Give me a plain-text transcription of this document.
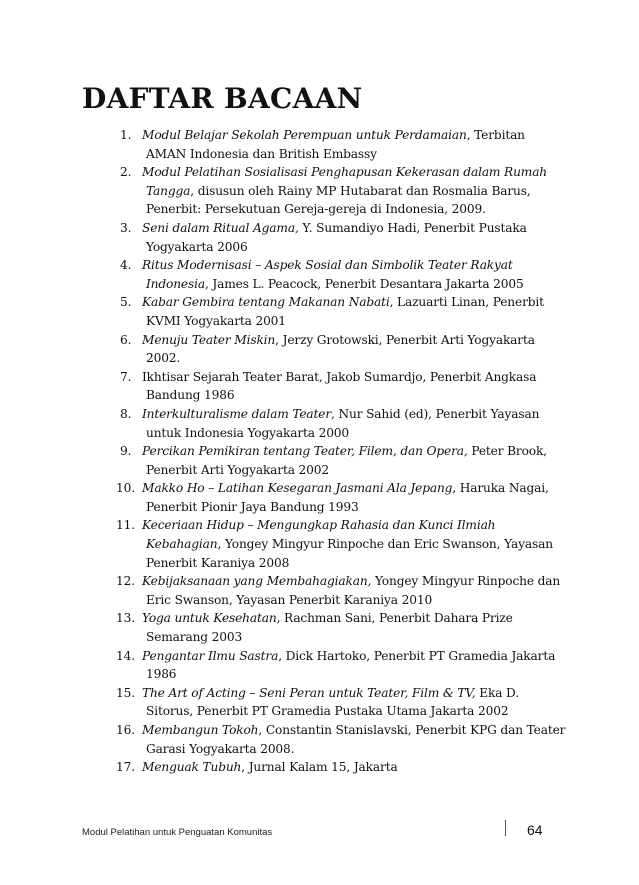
DAFTAR BACAAN
1. Modul Belajar Sekolah Perempuan untuk Perdamaian, Terbitan AMAN Indonesia dan British Embassy
2. Modul Pelatihan Sosialisasi Penghapusan Kekerasan dalam Rumah Tangga, disusun oleh Rainy MP Hutabarat dan Rosmalia Barus, Penerbit: Persekutuan Gereja-gereja di Indonesia, 2009.
3. Seni dalam Ritual Agama, Y. Sumandiyo Hadi, Penerbit Pustaka Yogyakarta 2006
4. Ritus Modernisasi – Aspek Sosial dan Simbolik Teater Rakyat Indonesia, James L. Peacock, Penerbit Desantara Jakarta 2005
5. Kabar Gembira tentang Makanan Nabati, Lazuarti Linan, Penerbit KVMI Yogyakarta 2001
6. Menuju Teater Miskin, Jerzy Grotowski, Penerbit Arti Yogyakarta 2002.
7. Ikhtisar Sejarah Teater Barat, Jakob Sumardjo, Penerbit Angkasa Bandung 1986
8. Interkulturalisme dalam Teater, Nur Sahid (ed), Penerbit Yayasan untuk Indonesia Yogyakarta 2000
9. Percikan Pemikiran tentang Teater, Filem, dan Opera, Peter Brook, Penerbit Arti Yogyakarta 2002
10. Makko Ho – Latihan Kesegaran Jasmani Ala Jepang, Haruka Nagai, Penerbit Pionir Jaya Bandung 1993
11. Keceriaan Hidup – Mengungkap Rahasia dan Kunci Ilmiah Kebahagian, Yongey Mingyur Rinpoche dan Eric Swanson, Yayasan Penerbit Karaniya 2008
12. Kebijaksanaan yang Membahagiakan, Yongey Mingyur Rinpoche dan Eric Swanson, Yayasan Penerbit Karaniya 2010
13. Yoga untuk Kesehatan, Rachman Sani, Penerbit Dahara Prize Semarang 2003
14. Pengantar Ilmu Sastra, Dick Hartoko, Penerbit PT Gramedia Jakarta 1986
15. The Art of Acting – Seni Peran untuk Teater, Film & TV, Eka D. Sitorus, Penerbit PT Gramedia Pustaka Utama Jakarta 2002
16. Membangun Tokoh, Constantin Stanislavski, Penerbit KPG dan Teater Garasi Yogyakarta 2008.
17. Menguak Tubuh, Jurnal Kalam 15, Jakarta
Modul Pelatihan untuk Penguatan Komunitas	64
